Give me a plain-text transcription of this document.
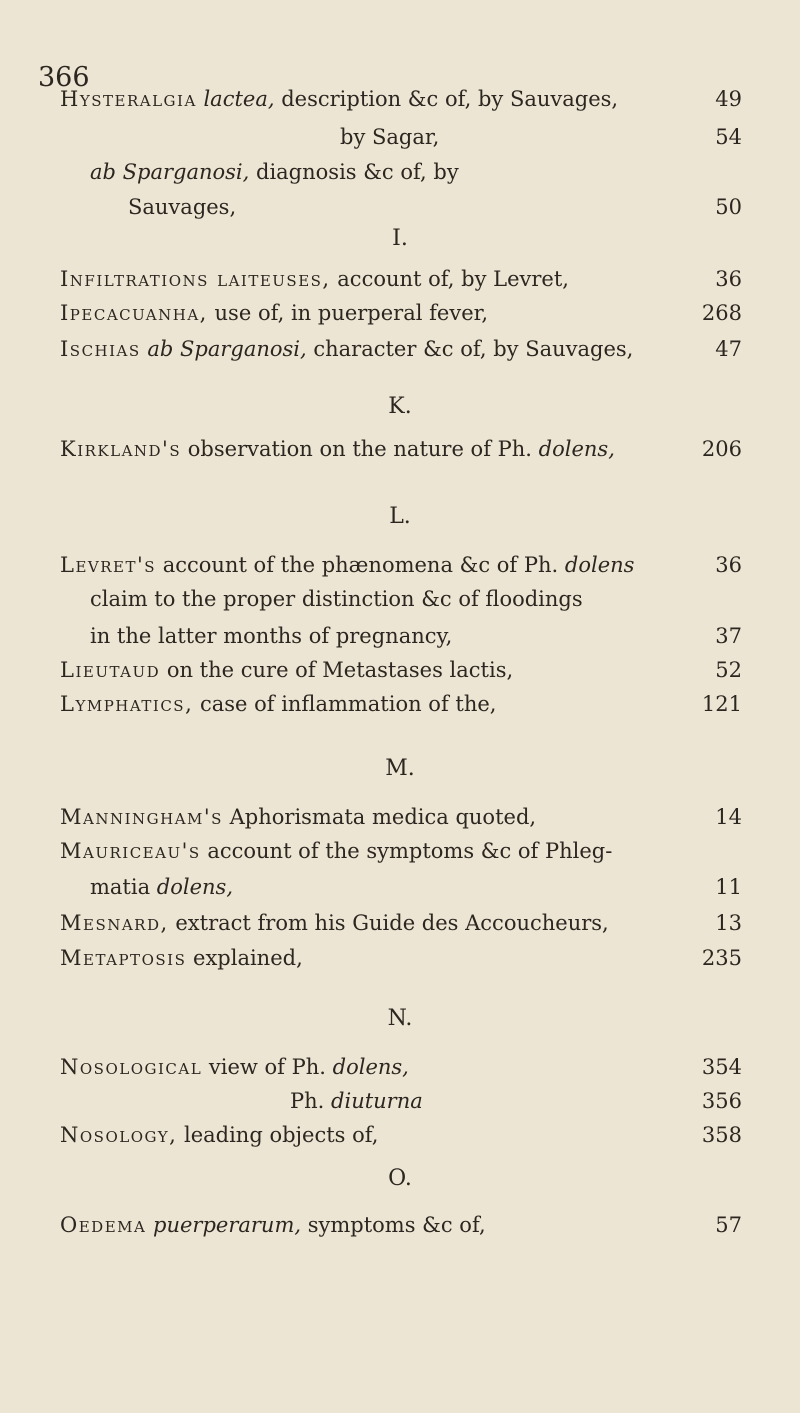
366
Hysteralgia lactea, description &c of, by Sauvages,	49
by Sagar,	54
ab Sparganosi, diagnosis &c of, by
Sauvages,	50
I.
Infiltrations laiteuses, account of, by Levret,	36
Ipecacuanha, use of, in puerperal fever,	268
Ischias ab Sparganosi, character &c of, by Sauvages,	47
K.
Kirkland's observation on the nature of Ph. dolens,	206
L.
Levret's account of the phænomena &c of Ph. dolens	36
claim to the proper distinction &c of floodings
in the latter months of pregnancy,	37
Lieutaud on the cure of Metastases lactis,	52
Lymphatics, case of inflammation of the,	121
M.
Manningham's Aphorismata medica quoted,	14
Mauriceau's account of the symptoms &c of Phleg-
matia dolens,	11
Mesnard, extract from his Guide des Accoucheurs,	13
Metaptosis explained,	235
N.
Nosological view of Ph. dolens,	354
Ph. diuturna	356
Nosology, leading objects of,	358
O.
Oedema puerperarum, symptoms &c of,	57
